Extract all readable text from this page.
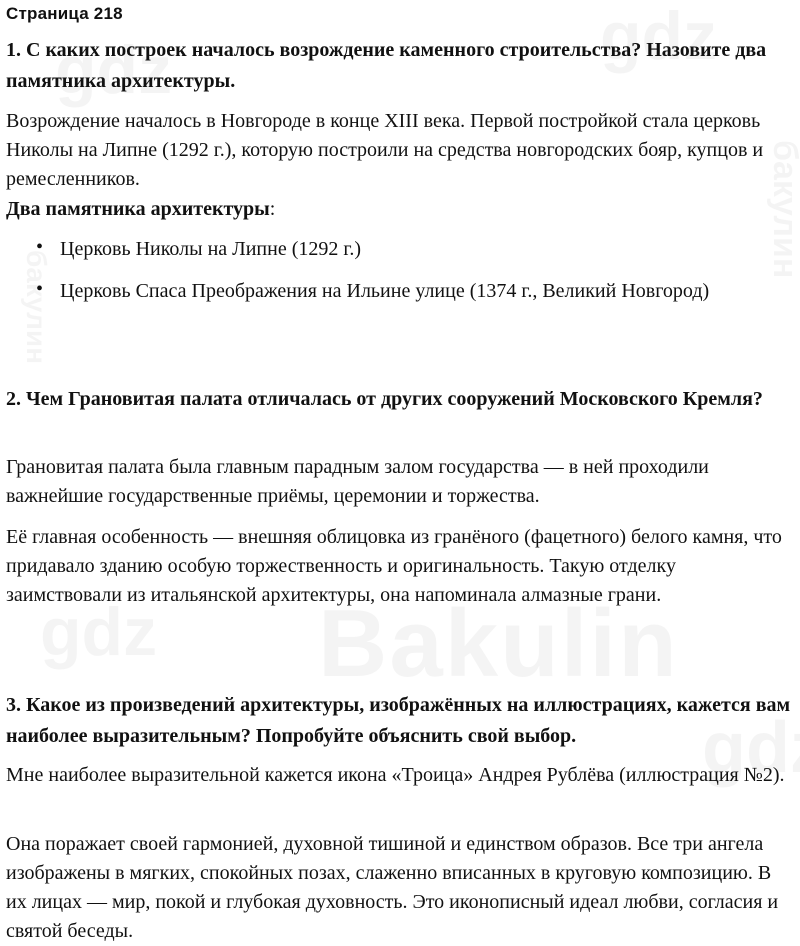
Страница 218
1. С каких построек началось возрождение каменного строительства? Назовите два памятника архитектуры.
Возрождение началось в Новгороде в конце XIII века. Первой постройкой стала церковь Николы на Липне (1292 г.), которую построили на средства новгородских бояр, купцов и ремесленников.
Два памятника архитектуры:
• Церковь Николы на Липне (1292 г.)
• Церковь Спаса Преображения на Ильине улице (1374 г., Великий Новгород)
2. Чем Грановитая палата отличалась от других сооружений Московского Кремля?
Грановитая палата была главным парадным залом государства — в ней проходили важнейшие государственные приёмы, церемонии и торжества.
Её главная особенность — внешняя облицовка из гранёного (фацетного) белого камня, что придавало зданию особую торжественность и оригинальность. Такую отделку заимствовали из итальянской архитектуры, она напоминала алмазные грани.
3. Какое из произведений архитектуры, изображённых на иллюстрациях, кажется вам наиболее выразительным? Попробуйте объяснить свой выбор.
Мне наиболее выразительной кажется икона «Троица» Андрея Рублёва (иллюстрация №2).
Она поражает своей гармонией, духовной тишиной и единством образов. Все три ангела изображены в мягких, спокойных позах, слаженно вписанных в круговую композицию. В их лицах — мир, покой и глубокая духовность. Это иконописный идеал любви, согласия и святой беседы.
